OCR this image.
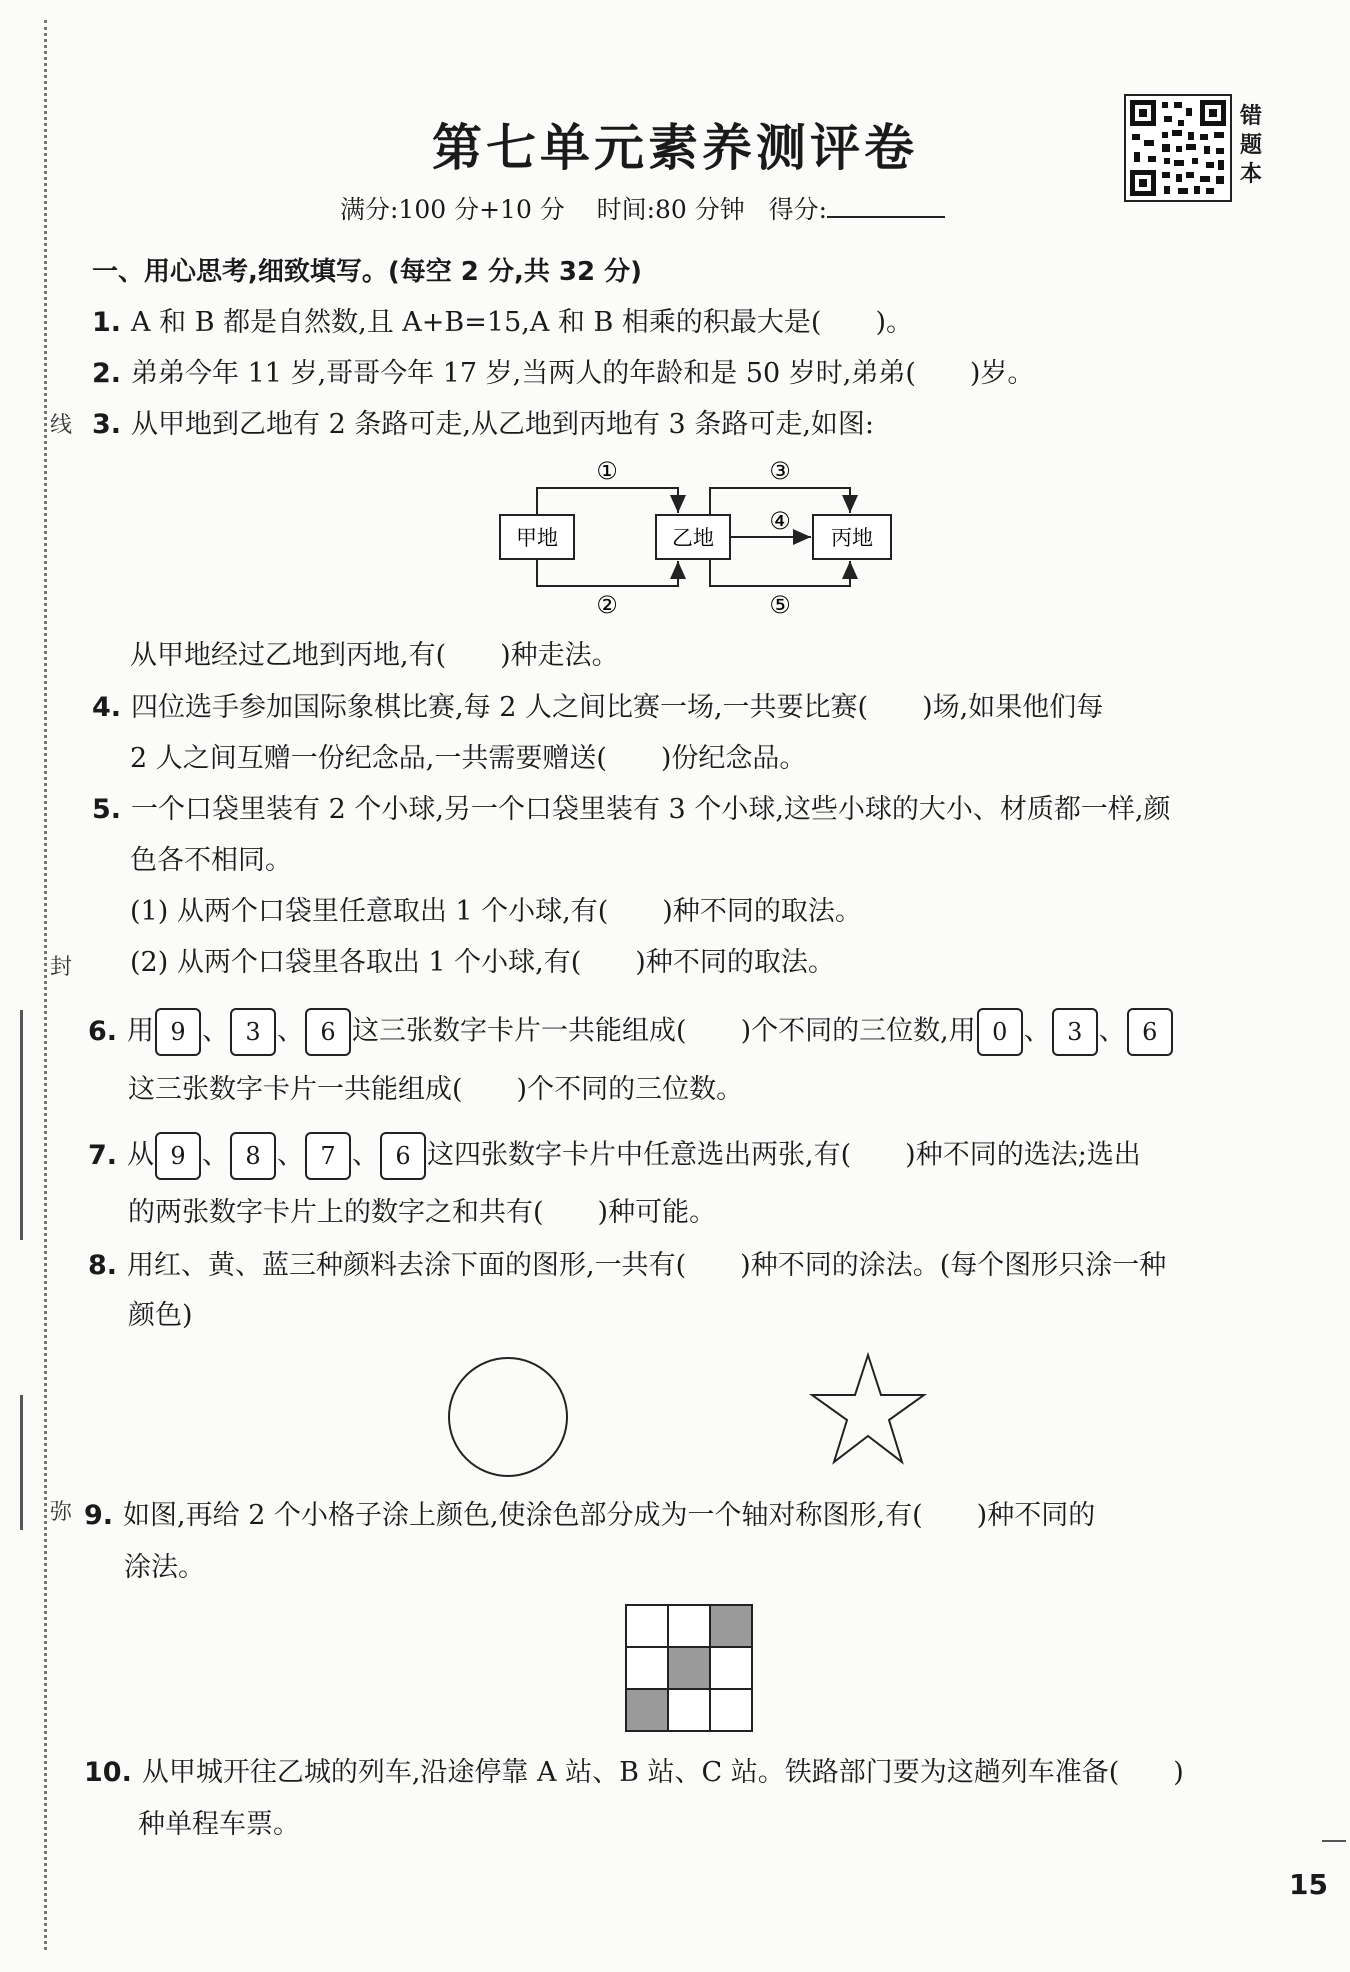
线
封
弥
第七单元素养测评卷
满分:100 分+10 分 时间:80 分钟 得分:
错
题
本
一、用心思考,细致填写。(每空 2 分,共 32 分)
1. A 和 B 都是自然数,且 A+B=15,A 和 B 相乘的积最大是(　　)。
2. 弟弟今年 11 岁,哥哥今年 17 岁,当两人的年龄和是 50 岁时,弟弟(　　)岁。
3. 从甲地到乙地有 2 条路可走,从乙地到丙地有 3 条路可走,如图:
甲地	乙地	丙地
①
②
③
④
⑤
从甲地经过乙地到丙地,有(　　)种走法。
4. 四位选手参加国际象棋比赛,每 2 人之间比赛一场,一共要比赛(　　)场,如果他们每
2 人之间互赠一份纪念品,一共需要赠送(　　)份纪念品。
5. 一个口袋里装有 2 个小球,另一个口袋里装有 3 个小球,这些小球的大小、材质都一样,颜
色各不相同。
(1) 从两个口袋里任意取出 1 个小球,有(　　)种不同的取法。
(2) 从两个口袋里各取出 1 个小球,有(　　)种不同的取法。
6. 用 9 、 3 、 6 这三张数字卡片一共能组成(　　)个不同的三位数,用 0 、 3 、 6
这三张数字卡片一共能组成(　　)个不同的三位数。
7. 从 9 、 8 、 7 、 6 这四张数字卡片中任意选出两张,有(　　)种不同的选法;选出
的两张数字卡片上的数字之和共有(　　)种可能。
8. 用红、黄、蓝三种颜料去涂下面的图形,一共有(　　)种不同的涂法。(每个图形只涂一种
颜色)
9. 如图,再给 2 个小格子涂上颜色,使涂色部分成为一个轴对称图形,有(　　)种不同的
涂法。
10. 从甲城开往乙城的列车,沿途停靠 A 站、B 站、C 站。铁路部门要为这趟列车准备(　　)
种单程车票。
15
